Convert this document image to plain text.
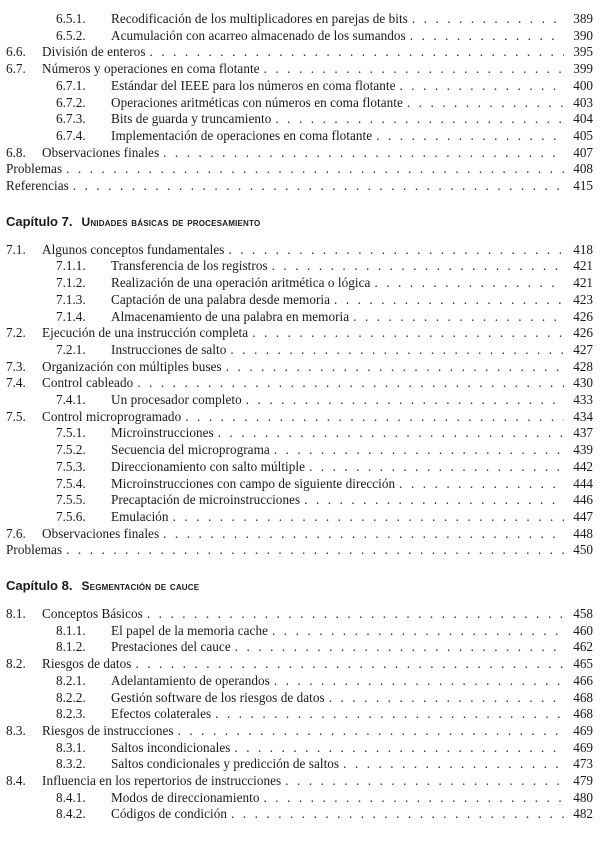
6.5.1. Recodificación de los multiplicadores en parejas de bits . . .	389
6.5.2. Acumulación con acarreo almacenado de los sumandos . . .	390
6.6. División de enteros . . .	395
6.7. Números y operaciones en coma flotante . . .	399
6.7.1. Estándar del IEEE para los números en coma flotante . . .	400
6.7.2. Operaciones aritméticas con números en coma flotante . . .	403
6.7.3. Bits de guarda y truncamiento . . .	404
6.7.4. Implementación de operaciones en coma flotante . . .	405
6.8. Observaciones finales . . .	407
Problemas . . .	408
Referencias . . .	415
Capítulo 7. Unidades básicas de procesamiento
7.1. Algunos conceptos fundamentales . . .	418
7.1.1. Transferencia de los registros . . .	421
7.1.2. Realización de una operación aritmética o lógica . . .	421
7.1.3. Captación de una palabra desde memoria . . .	423
7.1.4. Almacenamiento de una palabra en memoria . . .	426
7.2. Ejecución de una instrucción completa . . .	426
7.2.1. Instrucciones de salto . . .	427
7.3. Organización con múltiples buses . . .	428
7.4. Control cableado . . .	430
7.4.1. Un procesador completo . . .	433
7.5. Control microprogramado . . .	434
7.5.1. Microinstrucciones . . .	437
7.5.2. Secuencia del microprograma . . .	439
7.5.3. Direccionamiento con salto múltiple . . .	442
7.5.4. Microinstrucciones con campo de siguiente dirección . . .	444
7.5.5. Precaptación de microinstrucciones . . .	446
7.5.6. Emulación . . .	447
7.6. Observaciones finales . . .	448
Problemas . . .	450
Capítulo 8. Segmentación de cauce
8.1. Conceptos Básicos . . .	458
8.1.1. El papel de la memoria cache . . .	460
8.1.2. Prestaciones del cauce . . .	462
8.2. Riesgos de datos . . .	465
8.2.1. Adelantamiento de operandos . . .	466
8.2.2. Gestión software de los riesgos de datos . . .	468
8.2.3. Efectos colaterales . . .	468
8.3. Riesgos de instrucciones . . .	469
8.3.1. Saltos incondicionales . . .	469
8.3.2. Saltos condicionales y predicción de saltos . . .	473
8.4. Influencia en los repertorios de instrucciones . . .	479
8.4.1. Modos de direccionamiento . . .	480
8.4.2. Códigos de condición . . .	482
